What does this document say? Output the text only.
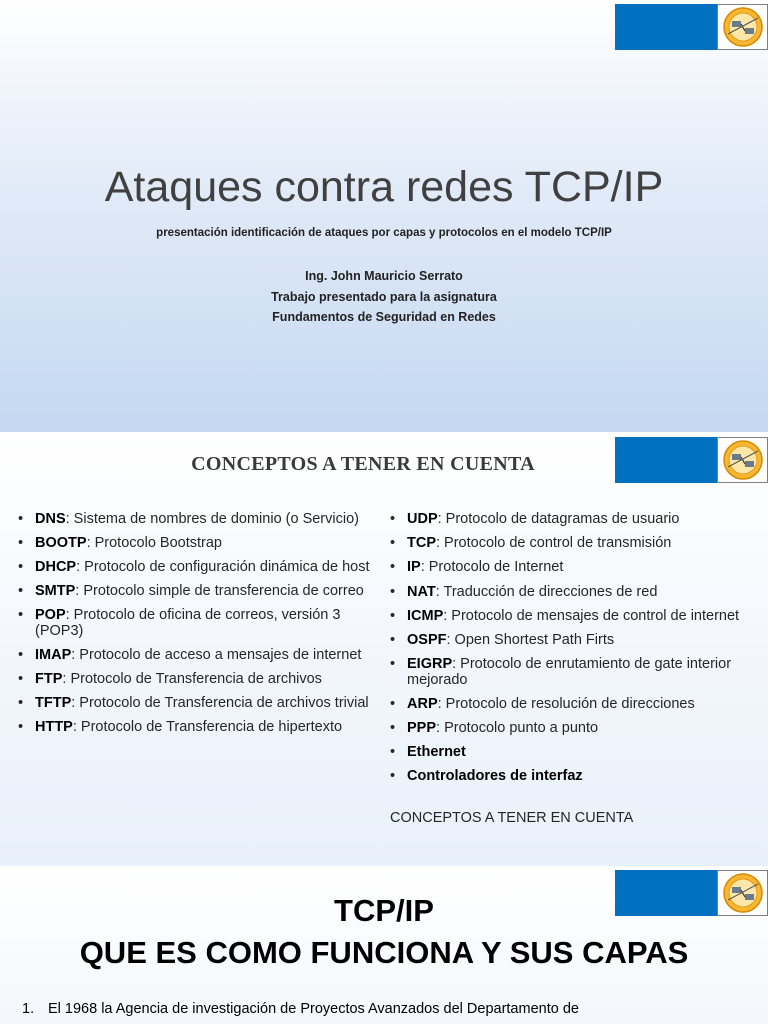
Ataques contra redes TCP/IP
presentación identificación de ataques por capas y protocolos en el modelo TCP/IP
Ing. John Mauricio Serrato
Trabajo presentado para la asignatura
Fundamentos de Seguridad en Redes
CONCEPTOS A TENER EN CUENTA
• DNS: Sistema de nombres de dominio (o Servicio)
• BOOTP: Protocolo Bootstrap
• DHCP: Protocolo de configuración dinámica de host
• SMTP: Protocolo simple de transferencia de correo
• POP: Protocolo de oficina de correos, versión 3 (POP3)
• IMAP: Protocolo de acceso a mensajes de internet
• FTP: Protocolo de Transferencia de archivos
• TFTP: Protocolo de Transferencia de archivos trivial
• HTTP: Protocolo de Transferencia de hipertexto
• UDP: Protocolo de datagramas de usuario
• TCP: Protocolo de control de transmisión
• IP: Protocolo de Internet
• NAT: Traducción de direcciones de red
• ICMP: Protocolo de mensajes de control de internet
• OSPF: Open Shortest Path Firts
• EIGRP: Protocolo de enrutamiento de gate interior mejorado
• ARP: Protocolo de resolución de direcciones
• PPP: Protocolo punto a punto
• Ethernet
• Controladores de interfaz
CONCEPTOS A TENER EN CUENTA
TCP/IP
QUE ES COMO FUNCIONA Y SUS CAPAS
1. El 1968 la Agencia de investigación de Proyectos Avanzados del Departamento de
